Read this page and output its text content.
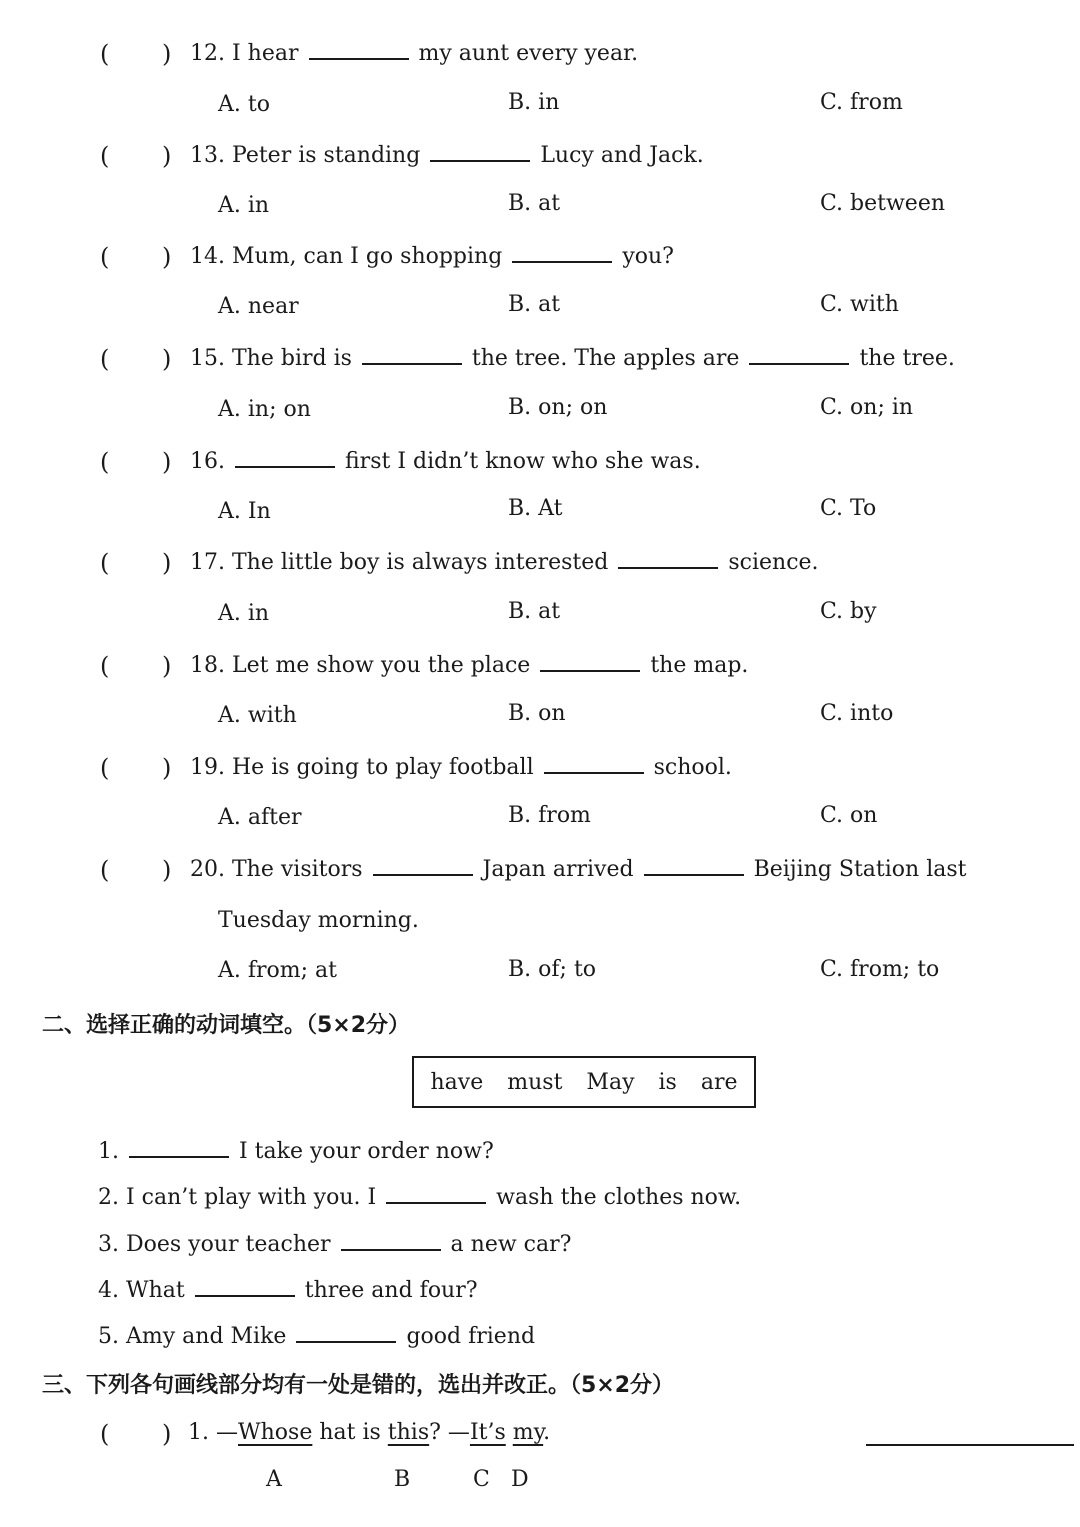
( ) 12. I hear	my aunt every year.
A. to	B. in	C. from
( ) 13. Peter is standing	Lucy and Jack.
A. in	B. at	C. between
( ) 14. Mum, can I go shopping	you?
A. near	B. at	C. with
( ) 15. The bird is	the tree. The apples are	the tree.
A. in; on	B. on; on	C. on; in
( ) 16.	first I didn’t know who she was.
A. In	B. At	C. To
( ) 17. The little boy is always interested	science.
A. in	B. at	C. by
( ) 18. Let me show you the place	the map.
A. with	B. on	C. into
( ) 19. He is going to play football	school.
A. after	B. from	C. on
( ) 20. The visitors	Japan arrived	Beijing Station last
Tuesday morning.
A. from; at	B. of; to	C. from; to
二、选择正确的动词填空。（5×2分）
have must May is are
1.	I take your order now?
2. I can’t play with you. I	wash the clothes now.
3. Does your teacher	a new car?
4. What	three and four?
5. Amy and Mike	good friend
三、下列各句画线部分均有一处是错的，选出并改正。（5×2分）
( ) 1. —Whose hat is this? —It’s my.
A	B	C D
